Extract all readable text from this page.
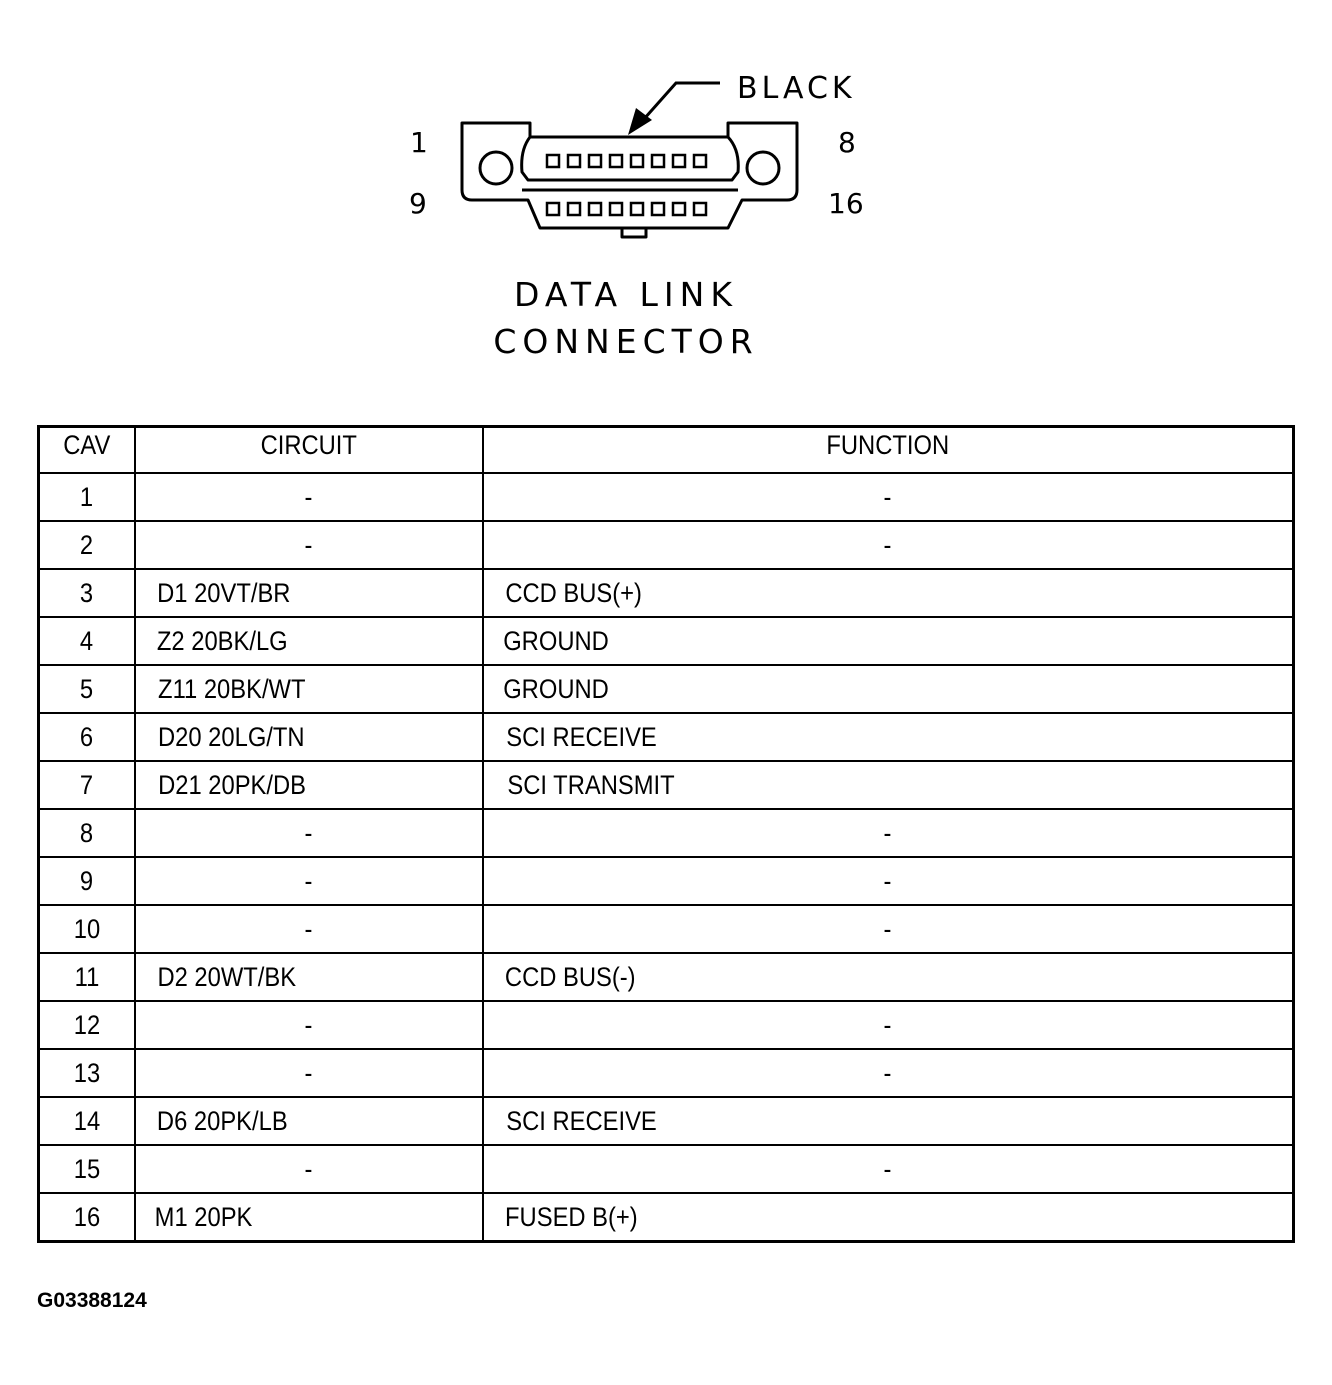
BLACK
1	8
9	16
DATA LINK
CONNECTOR
CAV	CIRCUIT	FUNCTION
1	-	-
2	-	-
3	D1 20VT/BR	CCD BUS(+)
4	Z2 20BK/LG	GROUND
5	Z11 20BK/WT	GROUND
6	D20 20LG/TN	SCI RECEIVE
7	D21 20PK/DB	SCI TRANSMIT
8	-	-
9	-	-
10	-	-
11	D2 20WT/BK	CCD BUS(-)
12	-	-
13	-	-
14	D6 20PK/LB	SCI RECEIVE
15	-	-
16	M1 20PK	FUSED B(+)
G03388124
